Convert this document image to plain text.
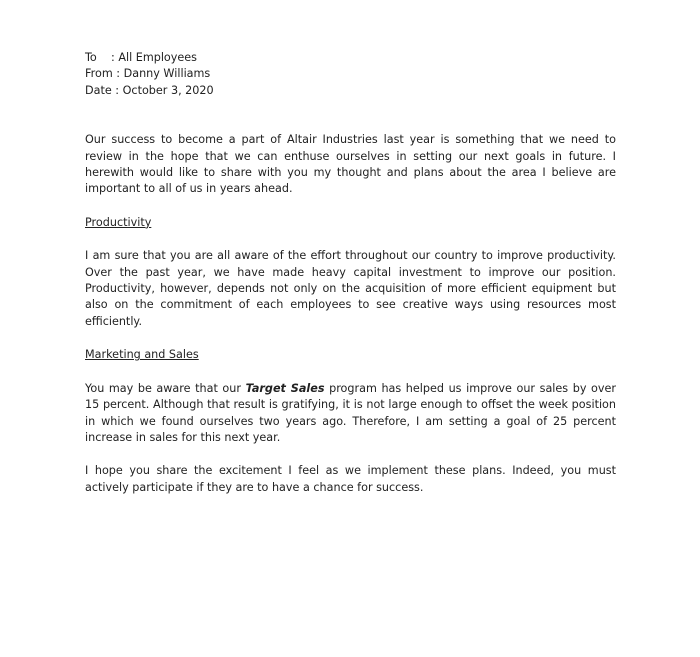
To    : All Employees
From : Danny Williams
Date : October 3, 2020
Our success to become a part of Altair Industries last year is something that we need to review in the hope that we can enthuse ourselves in setting our next goals in future. I herewith would like to share with you my thought and plans about the area I believe are important to all of us in years ahead.
Productivity
I am sure that you are all aware of the effort throughout our country to improve productivity. Over the past year, we have made heavy capital investment to improve our position. Productivity, however, depends not only on the acquisition of more efficient equipment but also on the commitment of each employees to see creative ways using resources most efficiently.
Marketing and Sales
You may be aware that our Target Sales program has helped us improve our sales by over 15 percent. Although that result is gratifying, it is not large enough to offset the week position in which we found ourselves two years ago. Therefore, I am setting a goal of 25 percent increase in sales for this next year.
I hope you share the excitement I feel as we implement these plans. Indeed, you must actively participate if they are to have a chance for success.
